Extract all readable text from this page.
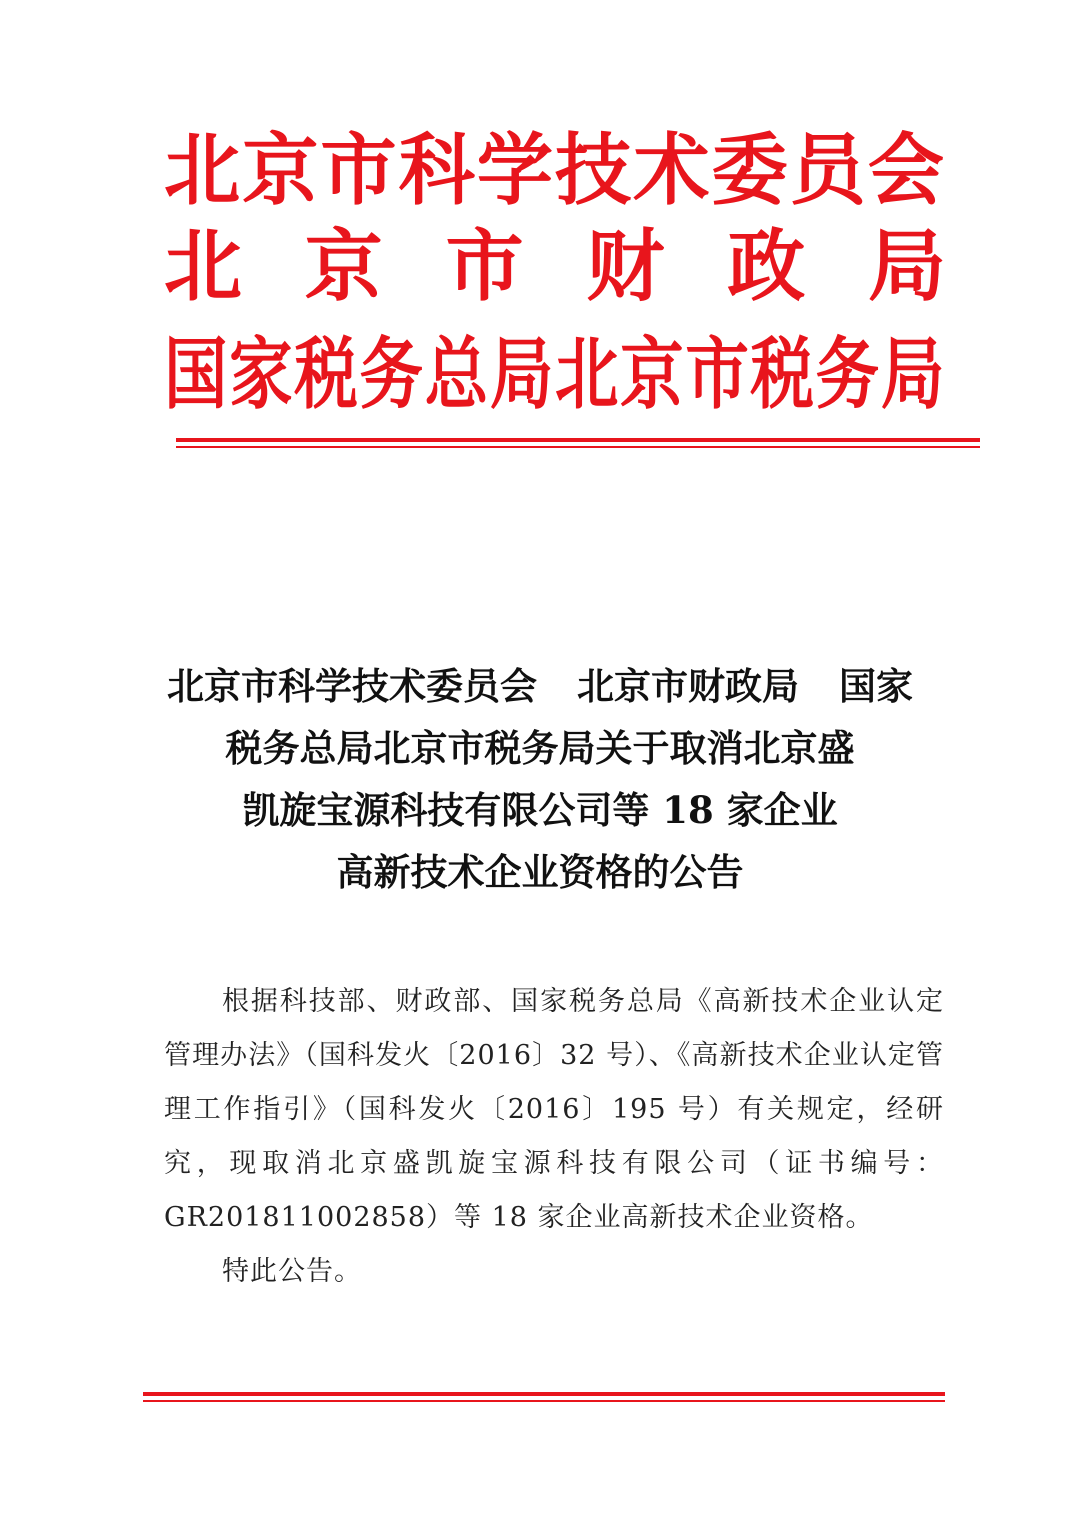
北京市科学技术委员会
北 京 市 财 政 局
国家税务总局北京市税务局
北京市科学技术委员会 北京市财政局 国家
税务总局北京市税务局关于取消北京盛
凯旋宝源科技有限公司等 18 家企业
高新技术企业资格的公告

根据科技部、财政部、国家税务总局《高新技术企业认定管理办法》（国科发火〔2016〕32 号）、《高新技术企业认定管理工作指引》（国科发火〔2016〕195 号）有关规定，经研究，现取消北京盛凯旋宝源科技有限公司（证书编号：GR201811002858）等 18 家企业高新技术企业资格。

特此公告。
